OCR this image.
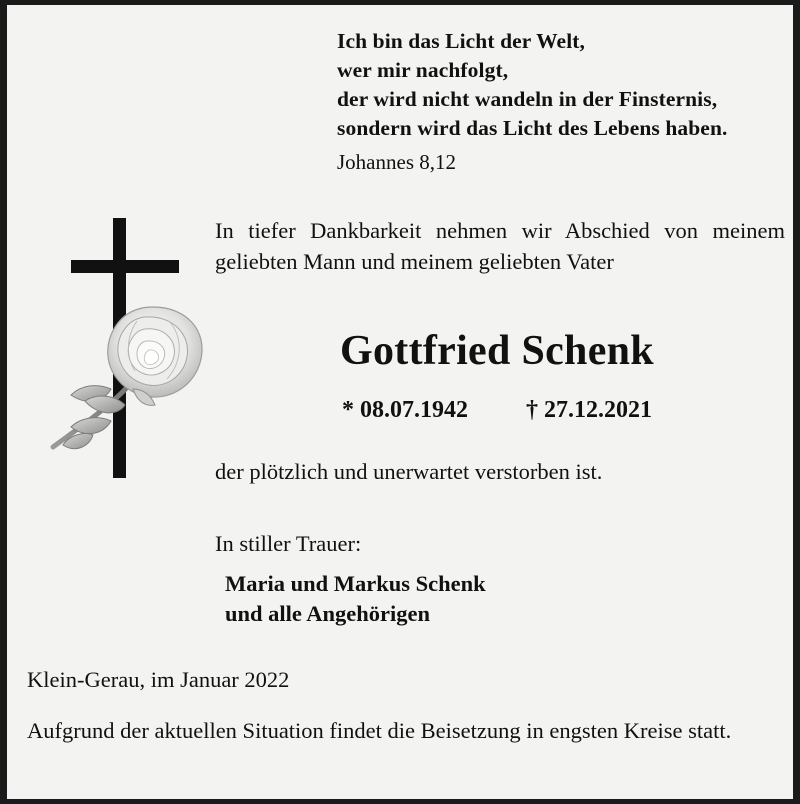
Ich bin das Licht der Welt,
wer mir nachfolgt,
der wird nicht wandeln in der Finsternis,
sondern wird das Licht des Lebens haben.
Johannes 8,12
In tiefer Dankbarkeit nehmen wir Abschied von meinem geliebten Mann und meinem geliebten Vater
Gottfried Schenk
* 08.07.1942 † 27.12.2021
der plötzlich und unerwartet verstorben ist.
In stiller Trauer:
Maria und Markus Schenk
und alle Angehörigen
Klein-Gerau, im Januar 2022
Aufgrund der aktuellen Situation findet die Beisetzung in engsten Kreise statt.
